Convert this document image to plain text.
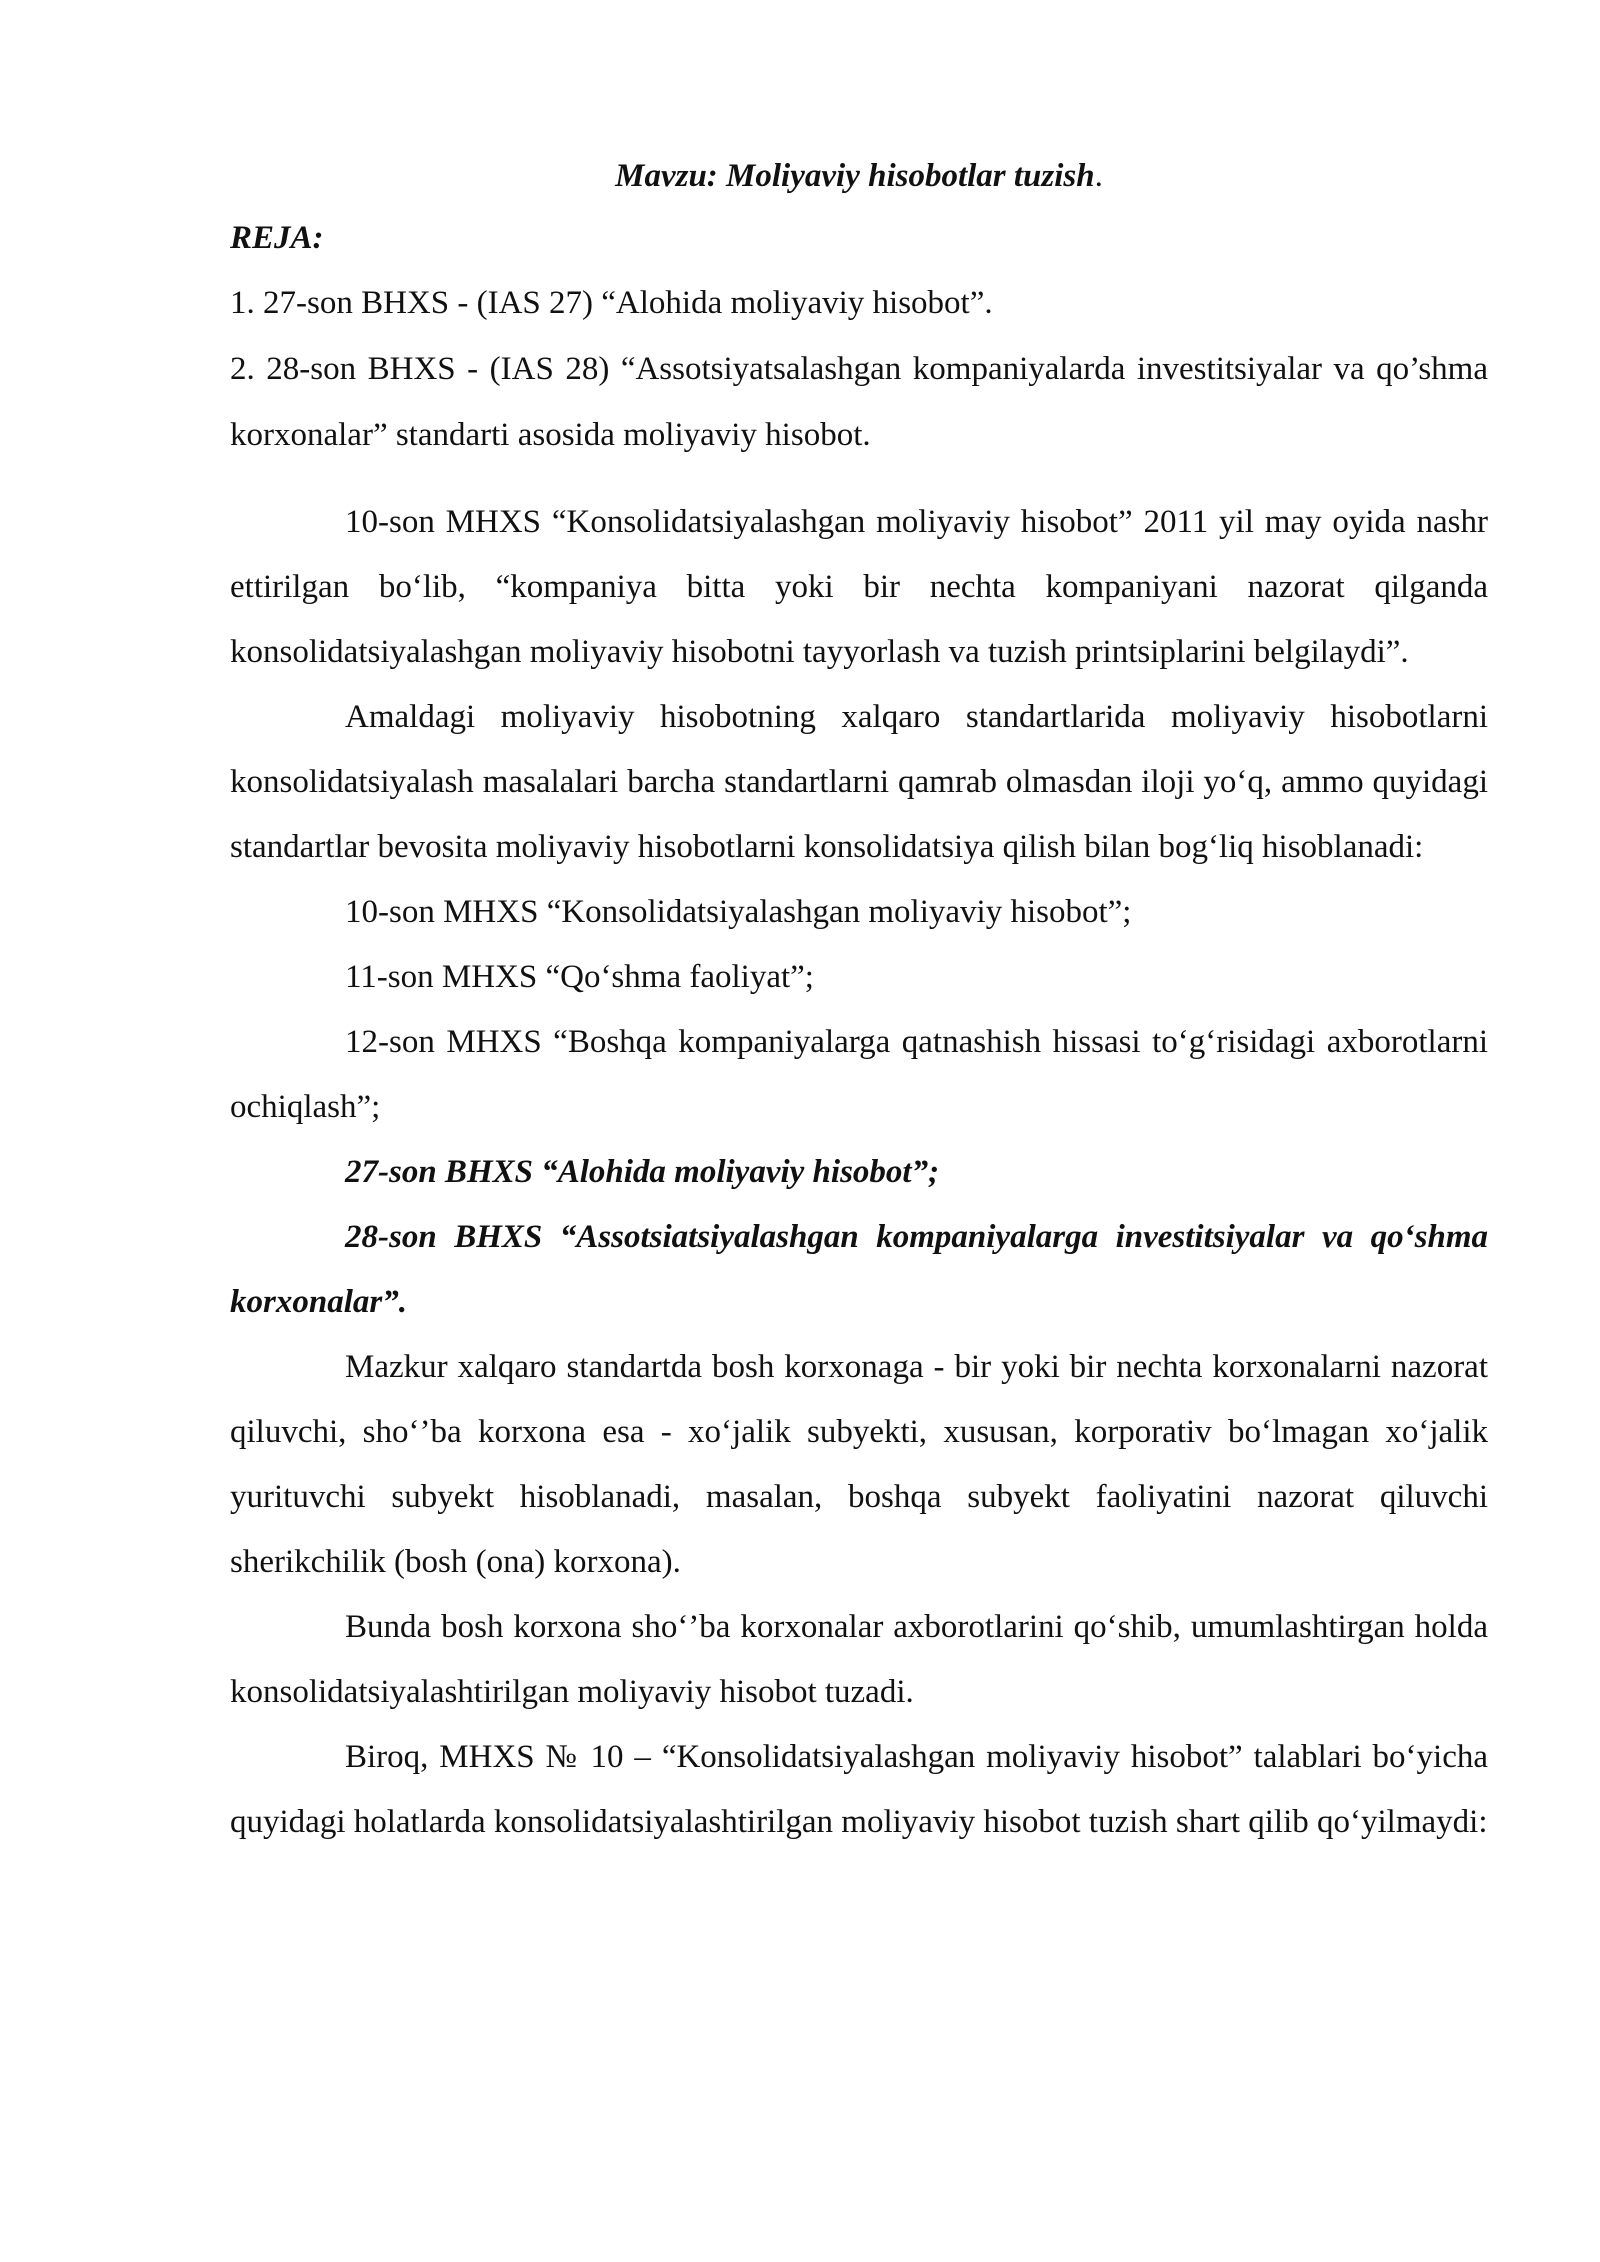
Mavzu: Moliyaviy hisobotlar tuzish.

REJA:

1. 27-son BHXS - (IAS 27) “Alohida moliyaviy hisobot”.

2. 28-son BHXS - (IAS 28) “Assotsiyatsalashgan kompaniyalarda investitsiyalar va qo’shma korxonalar” standarti asosida moliyaviy hisobot.

10-son MHXS “Konsolidatsiyalashgan moliyaviy hisobot” 2011 yil may oyida nashr ettirilgan bo‘lib, “kompaniya bitta yoki bir nechta kompaniyani nazorat qilganda konsolidatsiyalashgan moliyaviy hisobotni tayyorlash va tuzish printsiplarini belgilaydi”.

Amaldagi moliyaviy hisobotning xalqaro standartlarida moliyaviy hisobotlarni konsolidatsiyalash masalalari barcha standartlarni qamrab olmasdan iloji yo‘q, ammo quyidagi standartlar bevosita moliyaviy hisobotlarni konsolidatsiya qilish bilan bog‘liq hisoblanadi:

10-son MHXS “Konsolidatsiyalashgan moliyaviy hisobot”;

11-son MHXS “Qo‘shma faoliyat”;

12-son MHXS “Boshqa kompaniyalarga qatnashish hissasi to‘g‘risidagi axborotlarni ochiqlash”;

27-son BHXS “Alohida moliyaviy hisobot”;

28-son BHXS “Assotsiatsiyalashgan kompaniyalarga investitsiyalar va qo‘shma korxonalar”.

Mazkur xalqaro standartda bosh korxonaga - bir yoki bir nechta korxonalarni nazorat qiluvchi, sho‘’ba korxona esa - xo‘jalik subyekti, xususan, korporativ bo‘lmagan xo‘jalik yurituvchi subyekt hisoblanadi, masalan, boshqa subyekt faoliyatini nazorat qiluvchi sherikchilik (bosh (ona) korxona).

Bunda bosh korxona sho‘’ba korxonalar axborotlarini qo‘shib, umumlashtirgan holda konsolidatsiyalashtirilgan moliyaviy hisobot tuzadi.

Biroq, MHXS № 10 – “Konsolidatsiyalashgan moliyaviy hisobot” talablari bo‘yicha quyidagi holatlarda konsolidatsiyalashtirilgan moliyaviy hisobot tuzish shart qilib qo‘yilmaydi:
